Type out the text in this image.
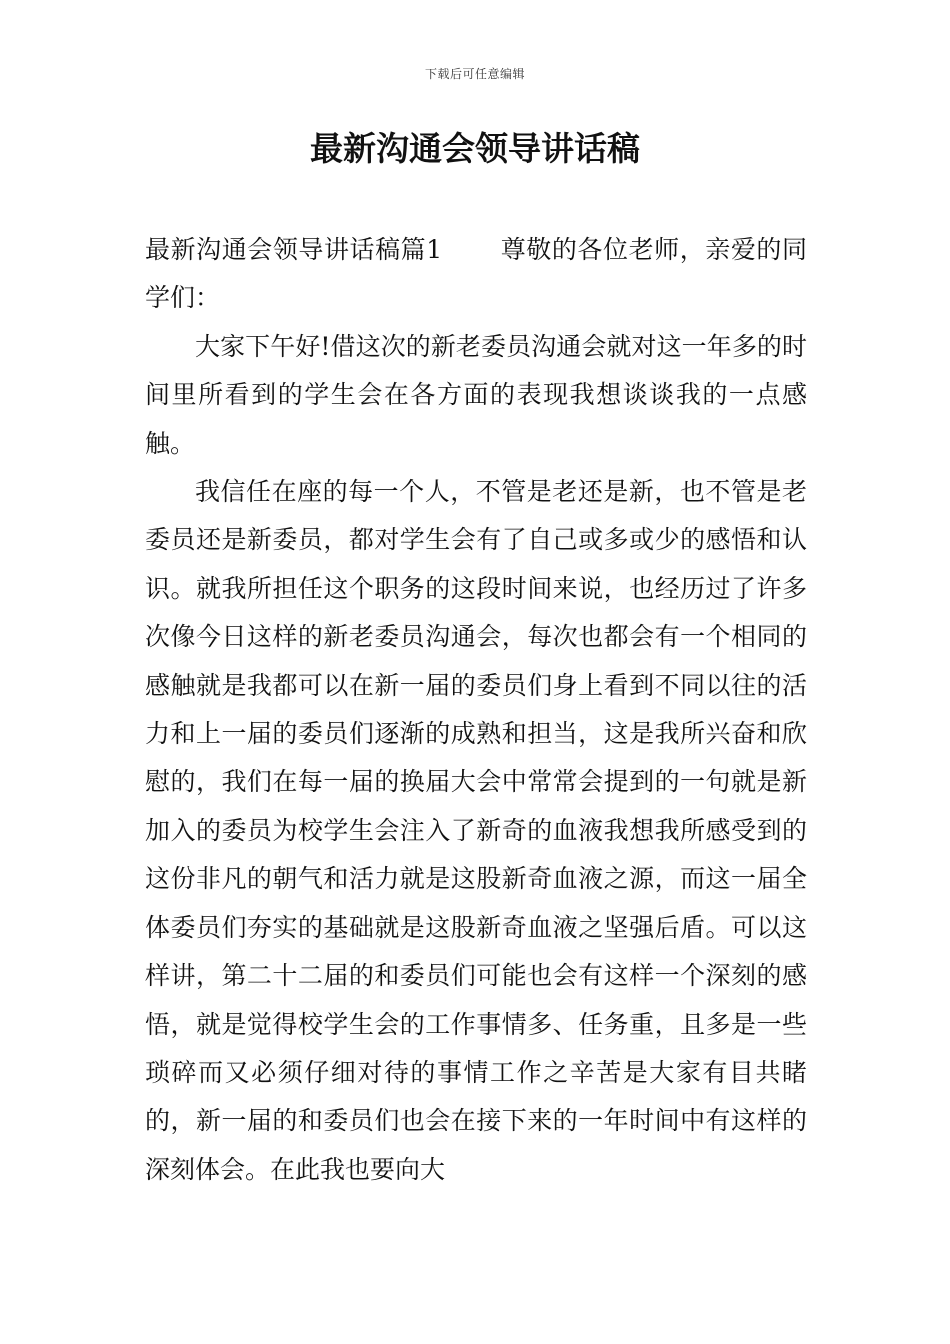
下载后可任意编辑
最新沟通会领导讲话稿

最新沟通会领导讲话稿篇1 尊敬的各位老师，亲爱的同学们：

大家下午好!借这次的新老委员沟通会就对这一年多的时间里所看到的学生会在各方面的表现我想谈谈我的一点感触。

我信任在座的每一个人，不管是老还是新，也不管是老委员还是新委员，都对学生会有了自己或多或少的感悟和认识。就我所担任这个职务的这段时间来说，也经历过了许多次像今日这样的新老委员沟通会，每次也都会有一个相同的感触就是我都可以在新一届的委员们身上看到不同以往的活力和上一届的委员们逐渐的成熟和担当，这是我所兴奋和欣慰的，我们在每一届的换届大会中常常会提到的一句就是新加入的委员为校学生会注入了新奇的血液我想我所感受到的这份非凡的朝气和活力就是这股新奇血液之源，而这一届全体委员们夯实的基础就是这股新奇血液之坚强后盾。可以这样讲，第二十二届的和委员们可能也会有这样一个深刻的感悟，就是觉得校学生会的工作事情多、任务重，且多是一些琐碎而又必须仔细对待的事情工作之辛苦是大家有目共睹的，新一届的和委员们也会在接下来的一年时间中有这样的深刻体会。在此我也要向大
